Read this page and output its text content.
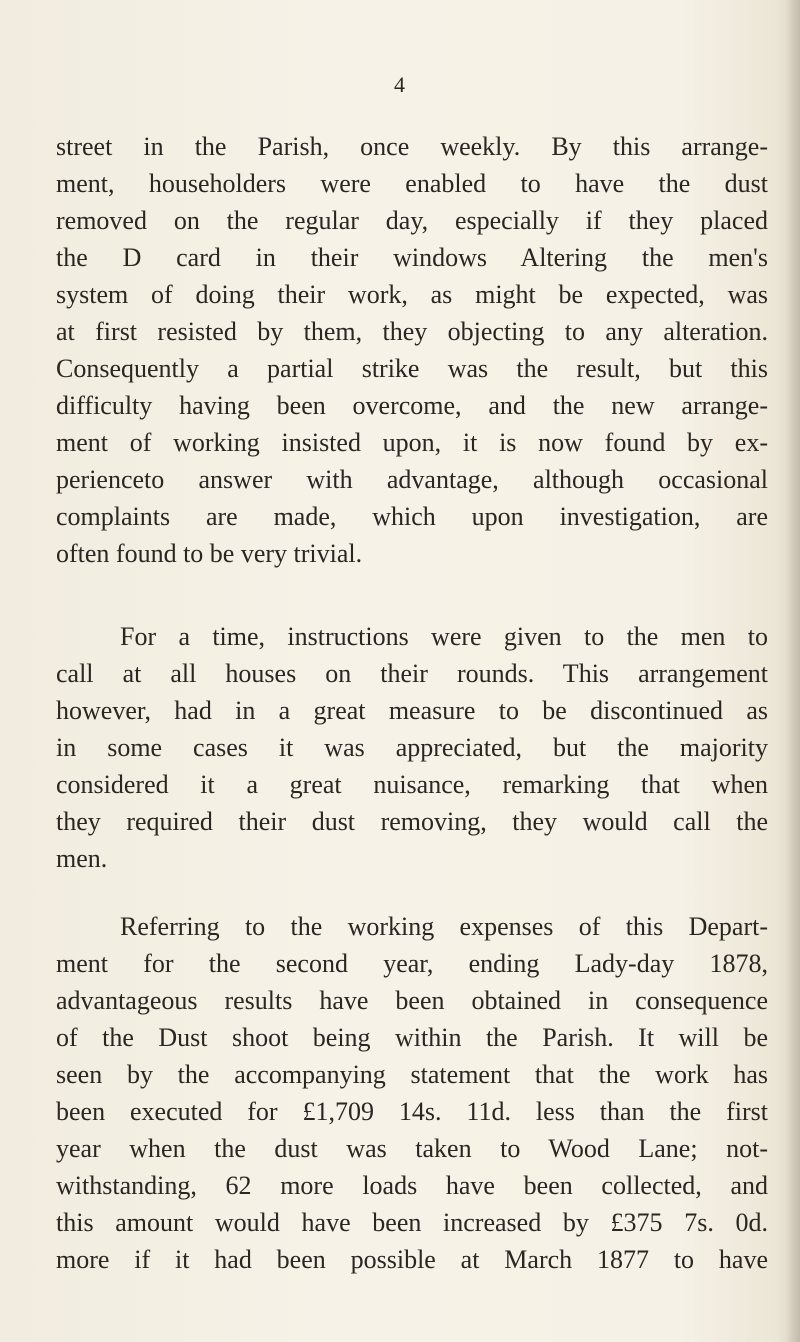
4
street in the Parish, once weekly. By this arrange-
ment, householders were enabled to have the dust
removed on the regular day, especially if they placed
the D card in their windows Altering the men's
system of doing their work, as might be expected, was
at first resisted by them, they objecting to any alteration.
Consequently a partial strike was the result, but this
difficulty having been overcome, and the new arrange-
ment of working insisted upon, it is now found by ex-
perienceto answer with advantage, although occasional
complaints are made, which upon investigation, are
often found to be very trivial.
For a time, instructions were given to the men to
call at all houses on their rounds. This arrangement
however, had in a great measure to be discontinued as
in some cases it was appreciated, but the majority
considered it a great nuisance, remarking that when
they required their dust removing, they would call the
men.
Referring to the working expenses of this Depart-
ment for the second year, ending Lady-day 1878,
advantageous results have been obtained in consequence
of the Dust shoot being within the Parish. It will be
seen by the accompanying statement that the work has
been executed for £1,709 14s. 11d. less than the first
year when the dust was taken to Wood Lane; not-
withstanding, 62 more loads have been collected, and
this amount would have been increased by £375 7s. 0d.
more if it had been possible at March 1877 to have
